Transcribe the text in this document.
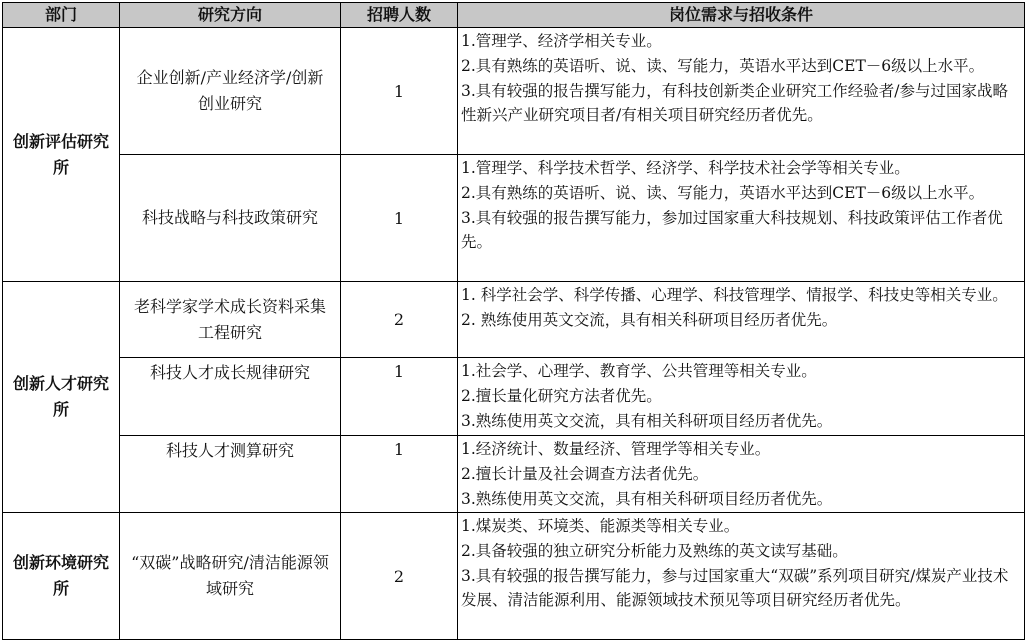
部门	研究方向	招聘人数	岗位需求与招收条件
创新评估研究所	企业创新/产业经济学/创新创业研究	1	1.管理学、经济学相关专业。
2.具有熟练的英语听、说、读、写能力，英语水平达到CET－6级以上水平。
3.具有较强的报告撰写能力，有科技创新类企业研究工作经验者/参与过国家战略性新兴产业研究项目者/有相关项目研究经历者优先。

	科技战略与科技政策研究	1	1.管理学、科学技术哲学、经济学、科学技术社会学等相关专业。
2.具有熟练的英语听、说、读、写能力，英语水平达到CET－6级以上水平。
3.具有较强的报告撰写能力，参加过国家重大科技规划、科技政策评估工作者优先。

创新人才研究所	老科学家学术成长资料采集工程研究	2	1. 科学社会学、科学传播、心理学、科技管理学、情报学、科技史等相关专业。
2. 熟练使用英文交流，具有相关科研项目经历者优先。

	科技人才成长规律研究	1	1.社会学、心理学、教育学、公共管理等相关专业。
2.擅长量化研究方法者优先。
3.熟练使用英文交流，具有相关科研项目经历者优先。

	科技人才测算研究	1	1.经济统计、数量经济、管理学等相关专业。
2.擅长计量及社会调查方法者优先。
3.熟练使用英文交流，具有相关科研项目经历者优先。

创新环境研究所	“双碳”战略研究/清洁能源领域研究	2	1.煤炭类、环境类、能源类等相关专业。
2.具备较强的独立研究分析能力及熟练的英文读写基础。
3.具有较强的报告撰写能力，参与过国家重大“双碳”系列项目研究/煤炭产业技术发展、清洁能源利用、能源领域技术预见等项目研究经历者优先。
